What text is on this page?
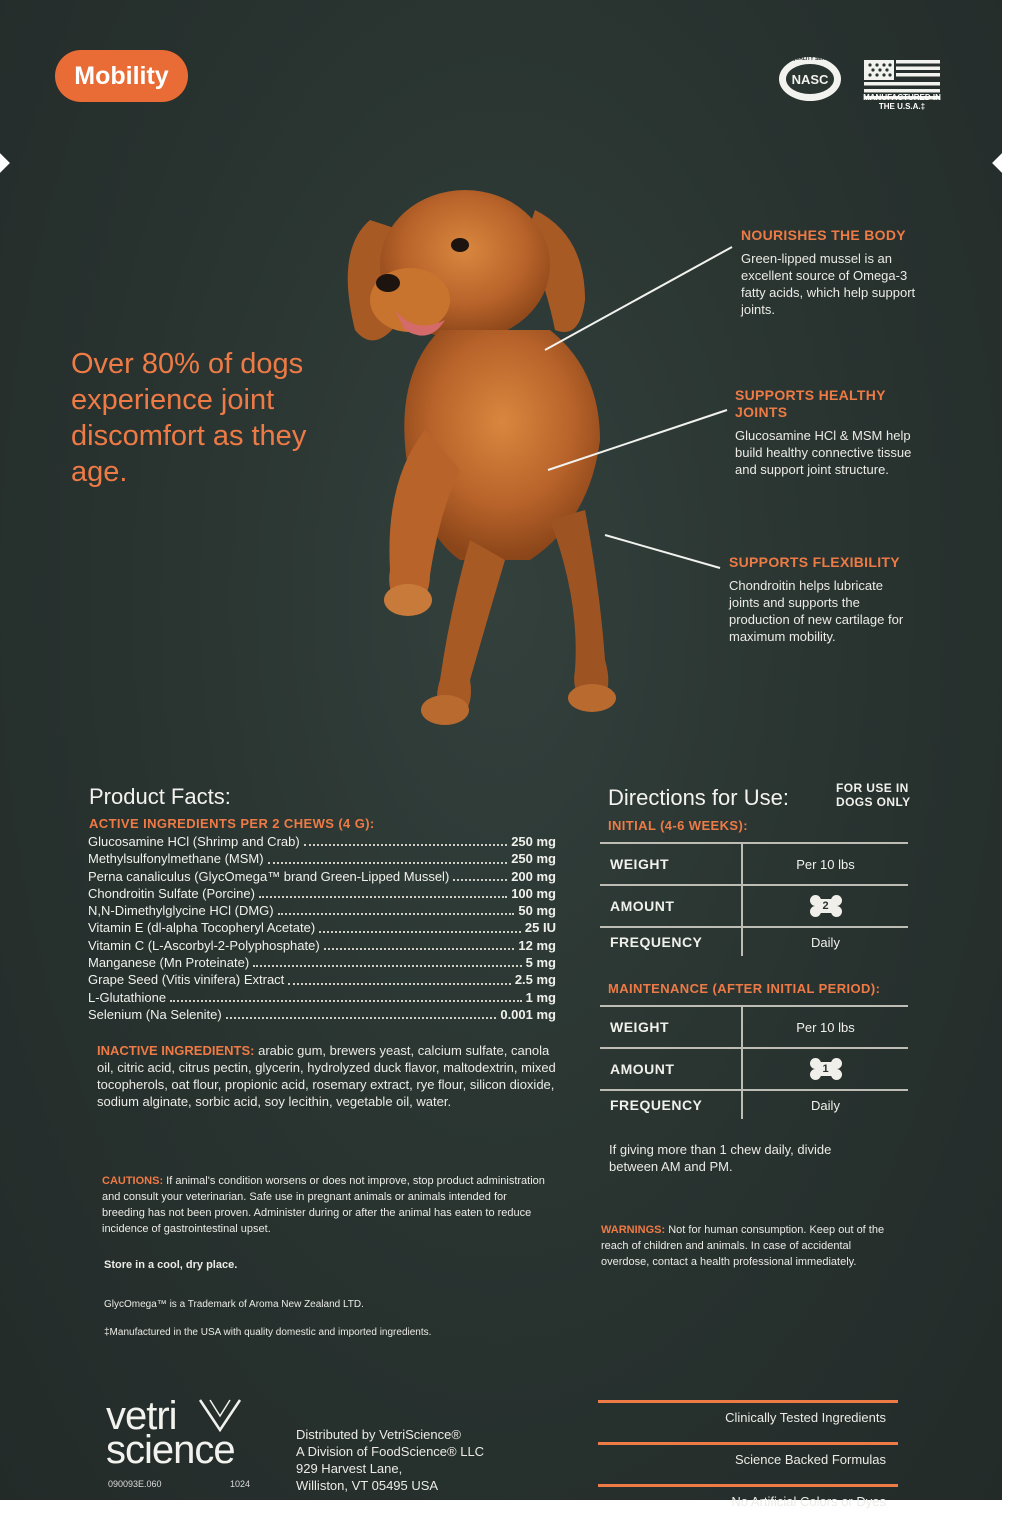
Mobility	NASC
QUALITY SEAL
MANUFACTURED IN THE U.S.A.‡
Over 80% of dogs experience joint discomfort as they age.
NOURISHES THE BODY
Green-lipped mussel is an excellent source of Omega-3 fatty acids, which help support joints.
SUPPORTS HEALTHY JOINTS
Glucosamine HCl & MSM help build healthy connective tissue and support joint structure.
SUPPORTS FLEXIBILITY
Chondroitin helps lubricate joints and supports the production of new cartilage for maximum mobility.
Product Facts:
ACTIVE INGREDIENTS PER 2 CHEWS (4 G):
Glucosamine HCl (Shrimp and Crab)	250 mg
Methylsulfonylmethane (MSM)	250 mg
Perna canaliculus (GlycOmega™ brand Green-Lipped Mussel)	200 mg
Chondroitin Sulfate (Porcine)	100 mg
N,N-Dimethylglycine HCl (DMG)	50 mg
Vitamin E (dl-alpha Tocopheryl Acetate)	25 IU
Vitamin C (L-Ascorbyl-2-Polyphosphate)	12 mg
Manganese (Mn Proteinate)	5 mg
Grape Seed (Vitis vinifera) Extract	2.5 mg
L-Glutathione	1 mg
Selenium (Na Selenite)	0.001 mg
INACTIVE INGREDIENTS: arabic gum, brewers yeast, calcium sulfate, canola oil, citric acid, citrus pectin, glycerin, hydrolyzed duck flavor, maltodextrin, mixed tocopherols, oat flour, propionic acid, rosemary extract, rye flour, silicon dioxide, sodium alginate, sorbic acid, soy lecithin, vegetable oil, water.
CAUTIONS: If animal's condition worsens or does not improve, stop product administration and consult your veterinarian. Safe use in pregnant animals or animals intended for breeding has not been proven. Administer during or after the animal has eaten to reduce incidence of gastrointestinal upset.
Store in a cool, dry place.
GlycOmega™ is a Trademark of Aroma New Zealand LTD.
‡Manufactured in the USA with quality domestic and imported ingredients.
Directions for Use:	FOR USE IN DOGS ONLY
INITIAL (4-6 WEEKS):
WEIGHT	Per 10 lbs
AMOUNT	2

FREQUENCY	Daily
MAINTENANCE (AFTER INITIAL PERIOD):
WEIGHT	Per 10 lbs
AMOUNT	1

FREQUENCY	Daily
If giving more than 1 chew daily, divide between AM and PM.
WARNINGS: Not for human consumption. Keep out of the reach of children and animals. In case of accidental overdose, contact a health professional immediately.
vetri
science
090093E.060	1024
Distributed by VetriScience®
A Division of FoodScience® LLC
929 Harvest Lane,
Williston, VT 05495 USA
Clinically Tested Ingredients
Science Backed Formulas
No Artificial Colors or Dyes
